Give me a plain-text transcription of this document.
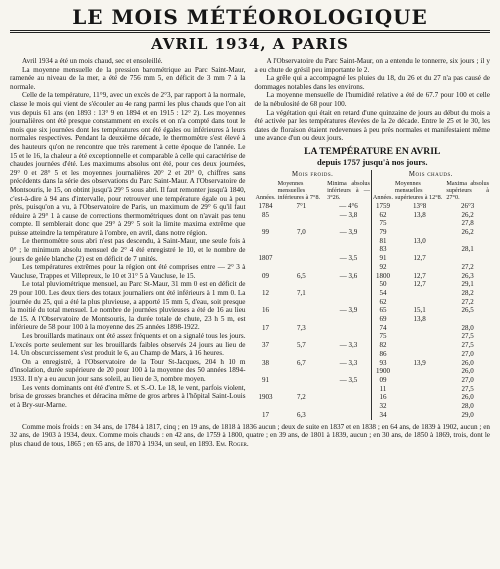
LE MOIS MÉTÉOROLOGIQUE
AVRIL 1934, A PARIS

Avril 1934 a été un mois chaud, sec et ensoleillé.

La moyenne mensuelle de la pression barométrique au Parc Saint-Maur, ramenée au niveau de la mer, a été de 756 mm 5, en déficit de 3 mm 7 à la normale.

Celle de la température, 11°9, avec un excès de 2°3, par rapport à la normale, classe le mois qui vient de s'écouler au 4e rang parmi les plus chauds que l'on ait vus depuis 61 ans (en 1893 : 13° 9 en 1894 et en 1915 : 12° 2). Les moyennes journalières ont été presque constamment en excès et on n'a compté dans tout le mois que six journées dont les températures ont été égales ou inférieures à leurs normales respectives. Pendant la deuxième décade, le thermomètre s'est élevé à des hauteurs qu'on ne rencontre que très rarement à cette époque de l'année. Le 15 et le 16, la chaleur a été exceptionnelle et comparable à celle qui caractérise de chaudes journées d'été. Les maximums absolus ont été, pour ces deux journées, 29° 0 et 28° 5 et les moyennes journalières 20° 2 et 20° 0, chiffres sans précédents dans la série des observations du Parc Saint-Maur. A l'Observatoire de Montsouris, le 15, on obtint jusqu'à 29° 5 sous abri. Il faut remonter jusqu'à 1840, c'est-à-dire à 94 ans d'intervalle, pour retrouver une température égale ou à peu près, puisqu'on a vu, à l'Observatoire de Paris, un maximum de 29° 6 qu'il faut réduire à 29° 1 à cause de corrections thermométriques dont on n'avait pas tenu compte. Il semblerait donc que 29° à 29° 5 soit la limite maxima extrême que puisse atteindre la température à l'ombre, en avril, dans notre région.

Le thermomètre sous abri n'est pas descendu, à Saint-Maur, une seule fois à 0° ; le minimum absolu mensuel de 2° 4 été enregistré le 10, et le nombre de jours de gelée blanche (2) est en déficit de 7 unités.

Les températures extrêmes pour la région ont été comprises entre — 2° 3 à Vaucluse, Trappes et Villepreux, le 10 et 31° 5 à Vaucluse, le 15.

Le total pluviométrique mensuel, au Parc St-Maur, 31 mm 0 est en déficit de 29 pour 100. Les deux tiers des totaux journaliers ont été inférieurs à 1 mm 0. La journée du 25, qui a été la plus pluvieuse, a apporté 15 mm 5, d'eau, soit presque la moitié du total mensuel. Le nombre de journées pluvieuses a été de 16 au lieu de 15. A l'Observatoire de Montsouris, la durée totale de chute, 23 h 5 m, est inférieure de 58 pour 100 à la moyenne des 25 années 1898-1922.

Les brouillards matinaux ont été assez fréquents et on a signalé tous les jours. L'excès porte seulement sur les brouillards faibles observés 24 jours au lieu de 14. Un obscurcissement s'est produit le 6, au Champ de Mars, à 16 heures.

On a enregistré, à l'Observatoire de la Tour St-Jacques, 204 h 10 m d'insolation, durée supérieure de 20 pour 100 à la moyenne des 50 années 1894-1933. Il n'y a eu aucun jour sans soleil, au lieu de 3, nombre moyen.

Les vents dominants ont été d'entre S. et S.-O. Le 18, le vent, parfois violent, brisa de grosses branches et déracina même de gros arbres à l'hôpital Saint-Louis et à Bry-sur-Marne.

A l'Observatoire du Parc Saint-Maur, on a entendu le tonnerre, six jours ; il y a eu chute de grésil peu importante le 2.

La grêle qui a accompagné les pluies du 18, du 26 et du 27 n'a pas causé de dommages notables dans les environs.

La moyenne mensuelle de l'humidité relative a été de 67.7 pour 100 et celle de la nébulosité de 68 pour 100.

La végétation qui était en retard d'une quinzaine de jours au début du mois a été activée par les températures élevées de la 2e décade. Entre le 25 et le 30, les dates de floraison étaient redevenues à peu près normales et manifestaient même une avance d'un ou deux jours.

LA TEMPÉRATURE EN AVRIL
depuis 1757 jusqu'à nos jours.
Mois froids.			Mois chauds.		
Années.	Moyennes mensuelles inférieures à 7°8.	Minima absolus inférieurs à — 3°26.	Années.	Moyennes mensuelles supérieures à 12°8.	Maxima absolus supérieurs à 27°0.
1784	7°1	— 4°6	1759	13°8	26°3
85		— 3,8	62	13,8	26,2
			75		27,8
99	7,0	— 3,9	79		26,2
			81	13,0	
			83		28,1
1807		— 3,5	91	12,7	
			92		27,2
09	6,5	— 3,6	1800	12,7	26,3
			50	12,7	29,1
12	7,1		54		28,2
			62		27,2
16		— 3,9	65	15,1	26,5
			69	13,8	
17	7,3		74		28,0
			75		27,5
37	5,7	— 3,3	82		27,5
			86		27,0
38	6,7	— 3,3	93	13,9	26,0
			1900		26,0
91		— 3,5	09		27,0
			11		27,5
1903	7,2		16		26,0
			32		28,0
17	6,3		34		29,0

Comme mois froids : en 34 ans, de 1784 à 1817, cinq ; en 19 ans, de 1818 à 1836 aucun ; deux de suite en 1837 et en 1838 ; en 64 ans, de 1839 à 1902, aucun ; en 32 ans, de 1903 à 1934, deux. Comme mois chauds : en 42 ans, de 1759 à 1800, quatre ; en 39 ans, de 1801 à 1839, aucun ; en 30 ans, de 1850 à 1869, trois, dont le plus chaud de tous, 1865 ; en 65 ans, de 1870 à 1934, un seul, en 1893. Em. Roger.
